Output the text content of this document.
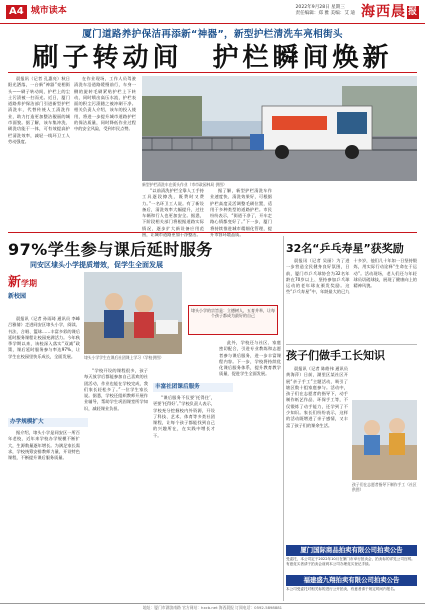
A4 城市读本	2022年9月28日 星期三
责任编辑：郑 雅 美编：艾 迪 海西晨 报
厦门道路养护保洁再添新“神器”，新型护栏清洗车亮相街头
刷子转动间　护栏瞬间焕新

晨报讯（记者 孔惠亮）秋日阳光洒落，一台新“神器”亮相街头——刷子转动间，护栏上的尘土污渍被一扫而光。近日，厦门道路养护保洁部门引进新型护栏清洗车，代替传统人工清洗作业，助力打造更加整洁靓丽的城市面貌。据了解，该车集冲洗、刷洗功能于一体，可有效提高护栏清洗效率，减轻一线环卫工人劳动强度。

在作业现场，工作人员驾驶清洗车沿道路缓慢前行，车身一侧的旋转毛刷紧贴护栏上下转动，同时喷出高压水流，护栏表面的积尘污渍随之被冲刷干净。相关负责人介绍，该车的投入使用，将进一步提升城市道路护栏的保洁质量，同时降低作业过程中的安全风险，受到市民点赞。

新型护栏清洗车在街头作业（市市政园林局 供图）

“以前清洗护栏全靠人工手持工具逐段擦洗，既费时又费力。”一名环卫工人说。有了新设备后，清洗效率大幅提升，过往车辆和行人也更加安全。据悉，下阶段相关部门将根据道路实际情况，逐步扩大新设备应用范围，让城市道路更加干净整洁。

据了解，新型护栏清洗车作业速度快、清洗效果好，可根据护栏高度灵活调整毛刷位置，适用于多种类型的道路护栏。市民纷纷表示，“街道干净了，开车走路心情都变好了。”下一步，厦门将持续推进城市精细化管理，提升市容环境品质。

97%学生参与课后延时服务
同安区埭头小学提质增效，促学生全面发展
新学期
新校园
埭头小学学生在课后社团课上学习（学校供图）

晨报讯（记者 孙雨琦 通讯员 李峰 吕雅倩）走进同安区埭头小学，阅读、书法、合唱、篮球……丰富多彩的课后延时服务课程让校园充满活力。今年秋季学期以来，该校深入落实“双减”政策，课后延时服务参与率达97%，让学生在校园里快乐成长，全面发展。

办学规模扩大

据介绍，埭头小学是同安区一所百年老校，近年来学校办学规模不断扩大，生源数量逐年增长。为满足家长需求，学校统筹安排教师力量，开设特色课程，不断提升课后服务质量。

“学校开设的课程很多，孩子每天放学后都能参加自己喜欢的社团活动，作业也能在学校完成，我们家长轻松多了。”一位学生家长说。据悉，学校还组织教师开展作业辅导，帮助学生巩固课堂所学知识，减轻课业负担。

埭头小学的宗旨是：立德树人，五育并举，让每个孩子都成为最好的自己
丰富社团课后服务

“课后服务不仅要‘托得住’，更要‘托得好’。”学校负责人表示，学校充分挖掘校内外资源，开设了科技、艺术、体育等多类社团课程，让每个孩子都能找到自己的兴趣所在，在实践中增长才干。

此外，学校还与社区、家庭密切配合，引进专业教练和志愿者参与课后服务，进一步丰富课程内容。下一步，学校将持续优化课后服务体系，提升教育教学质量，促进学生全面发展。

32名“乒乓寿星”获奖励

晨报讯（记者 吴丽）为了进一步营造全民健身良好氛围，日前，厦门市乒乓球协会为32名年龄在70岁以上、坚持参加乒乓球运动的老年球友颁发奖励。这些“乒乓寿星”中，年龄最大的已九十多岁，他们几十年如一日坚持锻炼，用实际行动诠释“生命在于运动”。活动现场，老人们还与年轻球员切磋球技，展现了健康向上的精神风貌。

孩子们做手工长知识

晨报讯（记者 陈皓伟 通讯员 黄海萍）日前，湖里区某社区开展“亲子手工”主题活动，吸引了辖区数十组家庭参与。活动中，孩子们在志愿者的指导下，动手制作纸艺作品、环保手工等，不仅锻炼了动手能力，还学到了不少知识。家长们纷纷表示，这样的活动既增进了亲子感情，又丰富了孩子们的课余生活。

孩子们在志愿者指导下制作手工（社区供图）
厦门国际商品拍卖有限公司拍卖公告
受委托，本公司定于2022年10月在厦门市举行拍卖会，拍卖标的详见公司官网。有意竞买者请于拍卖会前到本公司办理竞买登记手续。
福建盛九翔拍卖有限公司拍卖公告
本公司受委托对相关标的进行公开拍卖，有意者请于规定时间内报名。
地址：厦门市湖滨南路 官方网站：hxcb.net 海西晨报 订阅电话：0592-5898881
